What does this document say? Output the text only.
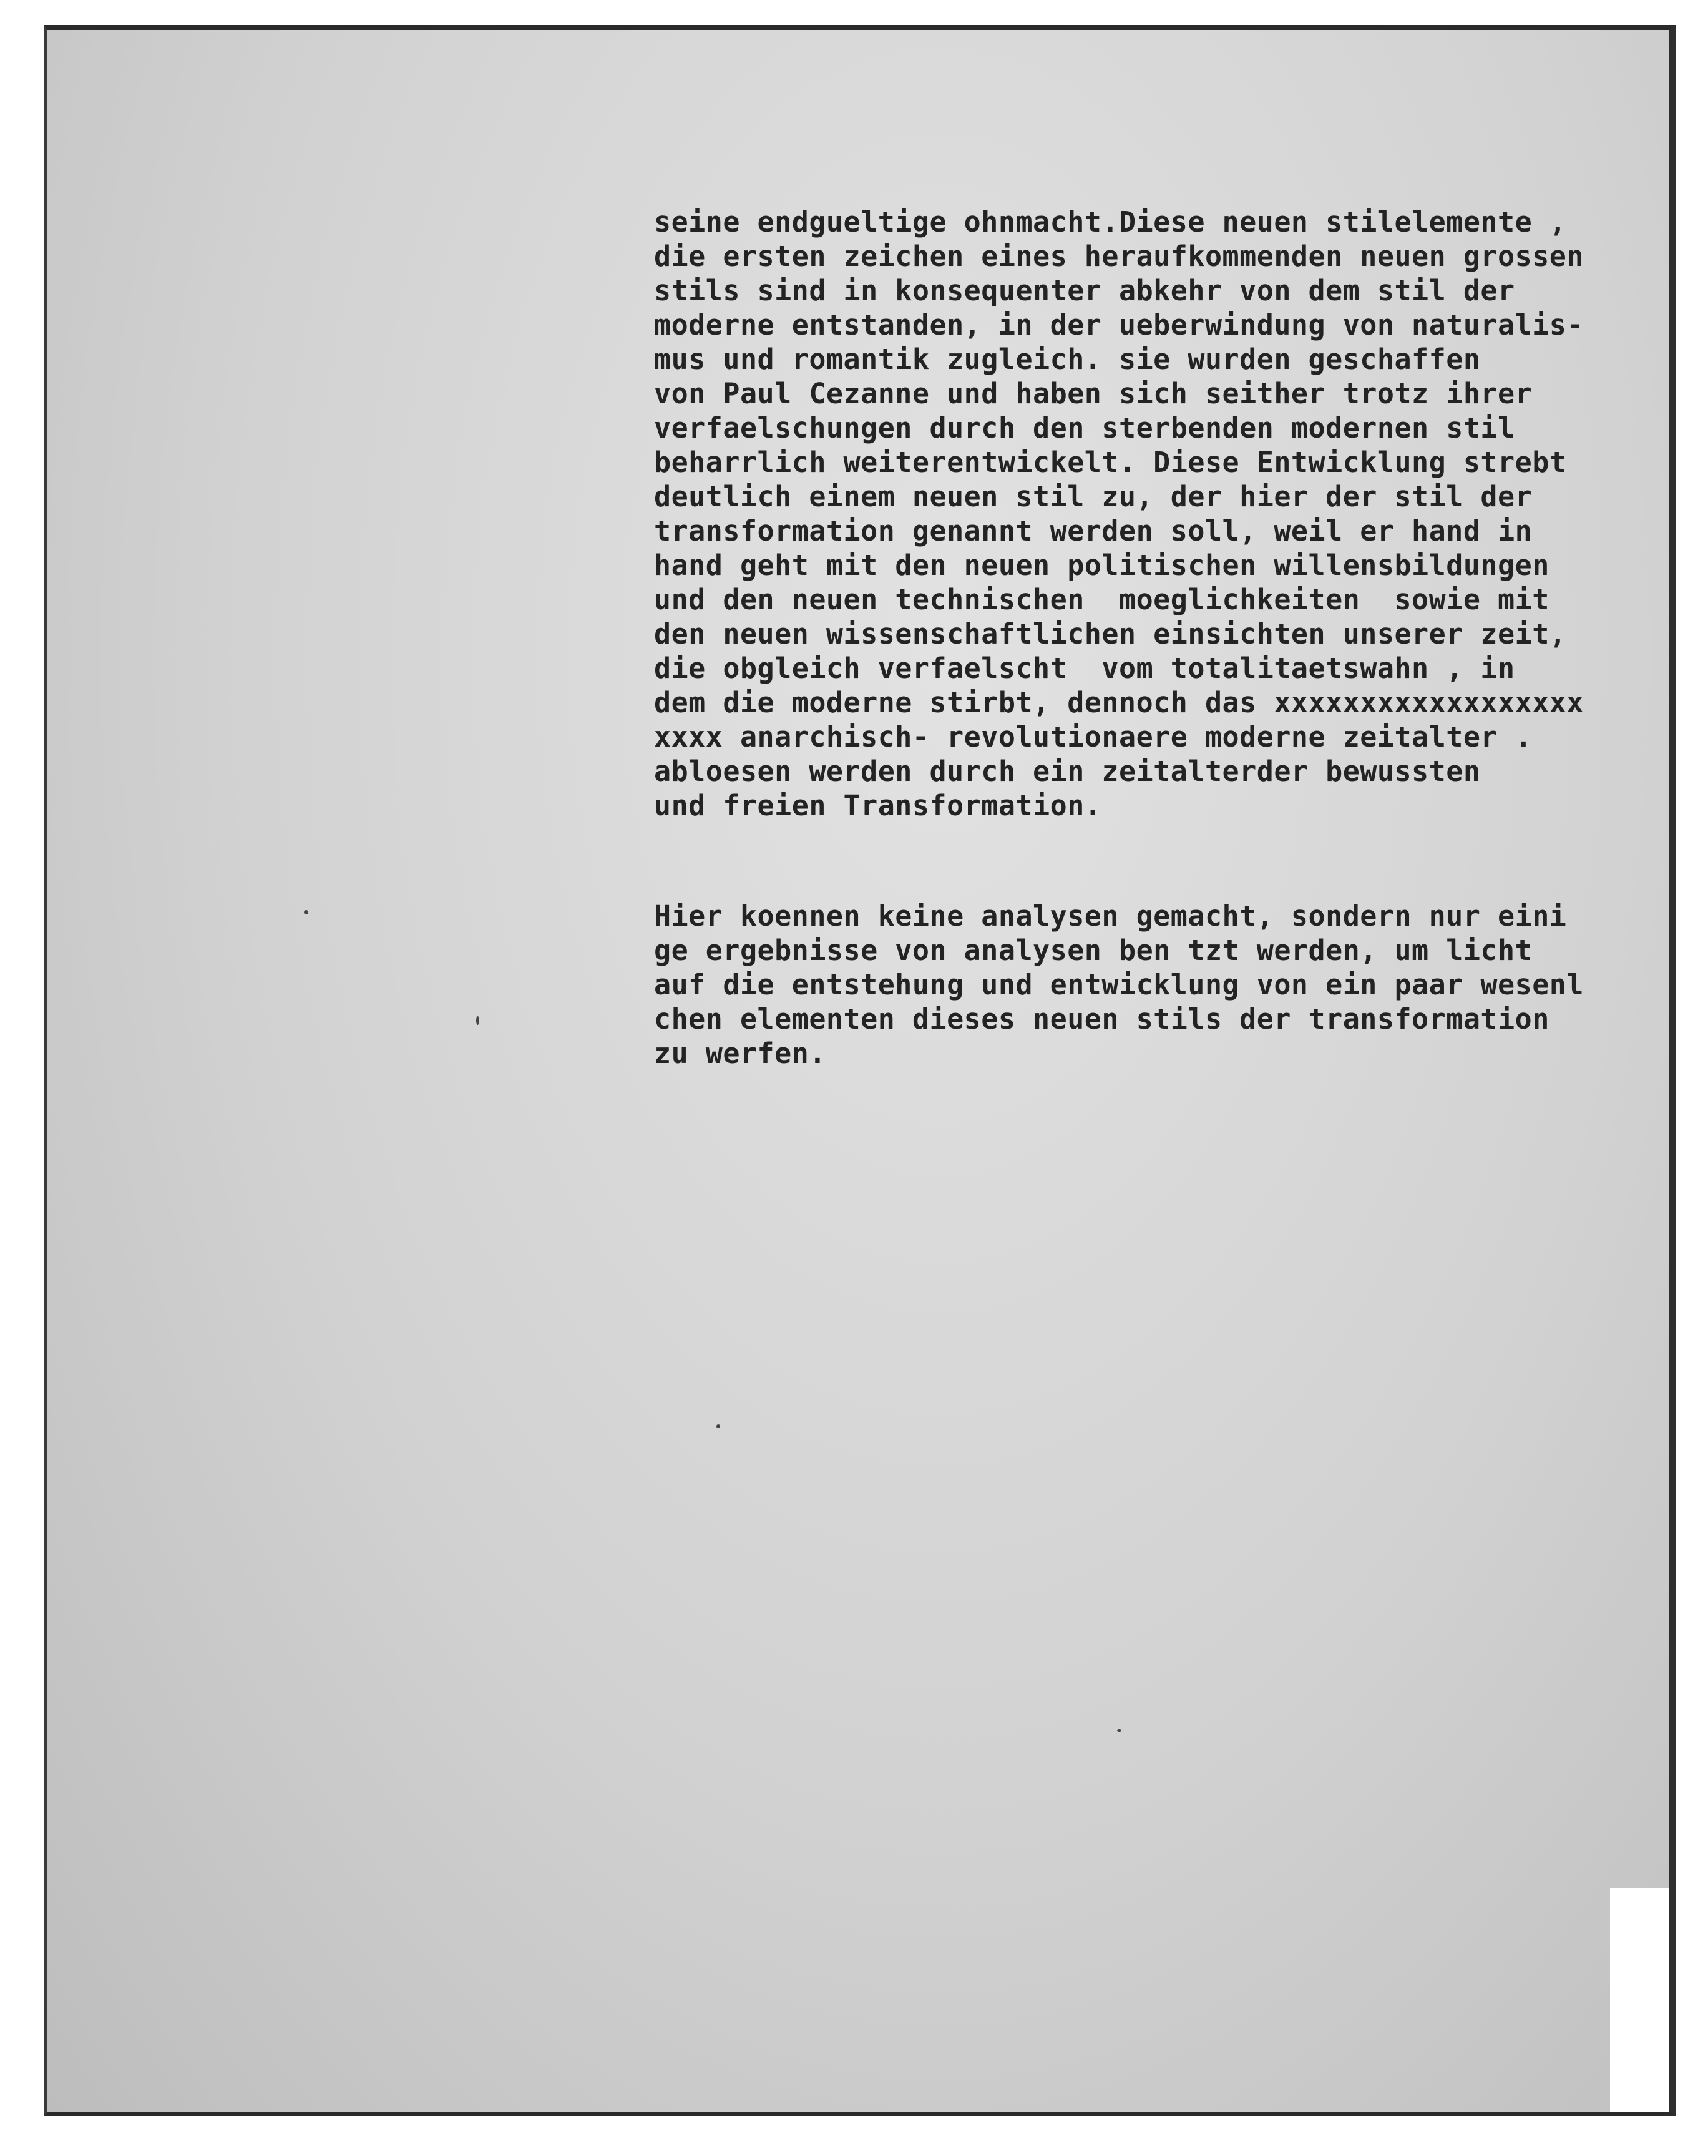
seine endgueltige ohnmacht.Diese neuen stilelemente ,
die ersten zeichen eines heraufkommenden neuen grossen
stils sind in konsequenter abkehr von dem stil der
moderne entstanden, in der ueberwindung von naturalis-
mus und romantik zugleich. sie wurden geschaffen
von Paul Cezanne und haben sich seither trotz ihrer
verfaelschungen durch den sterbenden modernen stil
beharrlich weiterentwickelt. Diese Entwicklung strebt
deutlich einem neuen stil zu, der hier der stil der
transformation genannt werden soll, weil er hand in
hand geht mit den neuen politischen willensbildungen
und den neuen technischen  moeglichkeiten  sowie mit
den neuen wissenschaftlichen einsichten unserer zeit,
die obgleich verfaelscht  vom totalitaetswahn , in
dem die moderne stirbt, dennoch das xxxxxxxxxxxxxxxxxx
xxxx anarchisch- revolutionaere moderne zeitalter .
abloesen werden durch ein zeitalterder bewussten
und freien Transformation.
Hier koennen keine analysen gemacht, sondern nur eini
ge ergebnisse von analysen ben tzt werden, um licht
auf die entstehung und entwicklung von ein paar wesenl
chen elementen dieses neuen stils der transformation
zu werfen.
